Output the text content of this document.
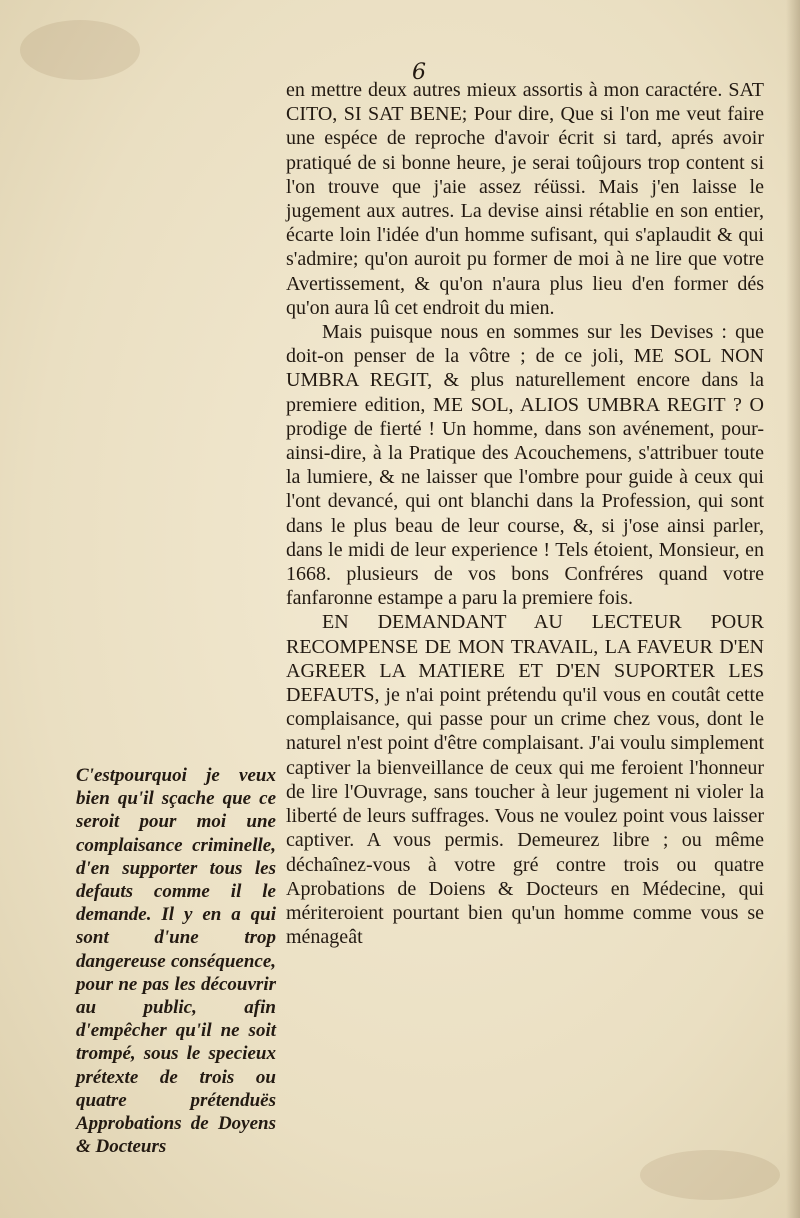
6

en mettre deux autres mieux assortis à mon caractére. SAT CITO, SI SAT BENE; Pour dire, Que si l'on me veut faire une espéce de reproche d'avoir écrit si tard, aprés avoir pratiqué de si bonne heure, je serai toûjours trop content si l'on trouve que j'aie assez réüssi. Mais j'en laisse le jugement aux autres. La devise ainsi rétablie en son entier, écarte loin l'idée d'un homme sufisant, qui s'aplaudit & qui s'admire; qu'on auroit pu former de moi à ne lire que votre Avertissement, & qu'on n'aura plus lieu d'en former dés qu'on aura lû cet endroit du mien.

Mais puisque nous en sommes sur les Devises : que doit-on penser de la vôtre ; de ce joli, ME SOL NON UMBRA REGIT, & plus naturellement encore dans la premiere edition, ME SOL, ALIOS UMBRA REGIT ? O prodige de fierté ! Un homme, dans son avénement, pour-ainsi-dire, à la Pratique des Acouchemens, s'attribuer toute la lumiere, & ne laisser que l'ombre pour guide à ceux qui l'ont devancé, qui ont blanchi dans la Profession, qui sont dans le plus beau de leur course, &, si j'ose ainsi parler, dans le midi de leur experience ! Tels étoient, Monsieur, en 1668. plusieurs de vos bons Confréres quand votre fanfaronne estampe a paru la premiere fois.

EN DEMANDANT AU LECTEUR POUR RECOMPENSE DE MON TRAVAIL, LA FAVEUR D'EN AGREER LA MATIERE ET D'EN SUPORTER LES DEFAUTS, je n'ai point prétendu qu'il vous en coutât cette complaisance, qui passe pour un crime chez vous, dont le naturel n'est point d'être complaisant. J'ai voulu simplement captiver la bienveillance de ceux qui me feroient l'honneur de lire l'Ouvrage, sans toucher à leur jugement ni violer la liberté de leurs suffrages. Vous ne voulez point vous laisser captiver. A vous permis. Demeurez libre ; ou même déchaînez-vous à votre gré contre trois ou quatre Aprobations de Doiens & Docteurs en Médecine, qui mériteroient pourtant bien qu'un homme comme vous se ménageât

C'estpourquoi je veux bien qu'il sçache que ce seroit pour moi une complaisance criminelle, d'en supporter tous les defauts comme il le demande. Il y en a qui sont d'une trop dangereuse conséquence, pour ne pas les découvrir au public, afin d'empêcher qu'il ne soit trompé, sous le specieux prétexte de trois ou quatre prétenduës Approbations de Doyens & Docteurs
